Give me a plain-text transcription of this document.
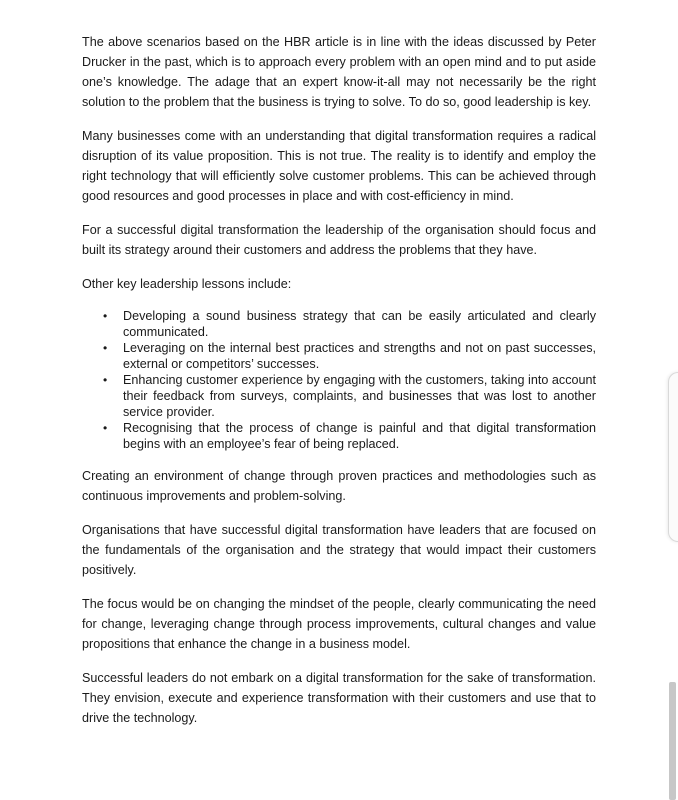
The above scenarios based on the HBR article is in line with the ideas discussed by Peter Drucker in the past, which is to approach every problem with an open mind and to put aside one’s knowledge. The adage that an expert know-it-all may not necessarily be the right solution to the problem that the business is trying to solve. To do so, good leadership is key.

Many businesses come with an understanding that digital transformation requires a radical disruption of its value proposition. This is not true. The reality is to identify and employ the right technology that will efficiently solve customer problems. This can be achieved through good resources and good processes in place and with cost-efficiency in mind.

For a successful digital transformation the leadership of the organisation should focus and built its strategy around their customers and address the problems that they have.

Other key leadership lessons include:

• Developing a sound business strategy that can be easily articulated and clearly communicated.
• Leveraging on the internal best practices and strengths and not on past successes, external or competitors’ successes.
• Enhancing customer experience by engaging with the customers, taking into account their feedback from surveys, complaints, and businesses that was lost to another service provider.
• Recognising that the process of change is painful and that digital transformation begins with an employee’s fear of being replaced.

Creating an environment of change through proven practices and methodologies such as continuous improvements and problem-solving.

Organisations that have successful digital transformation have leaders that are focused on the fundamentals of the organisation and the strategy that would impact their customers positively.

The focus would be on changing the mindset of the people, clearly communicating the need for change, leveraging change through process improvements, cultural changes and value propositions that enhance the change in a business model.

Successful leaders do not embark on a digital transformation for the sake of transformation. They envision, execute and experience transformation with their customers and use that to drive the technology.
